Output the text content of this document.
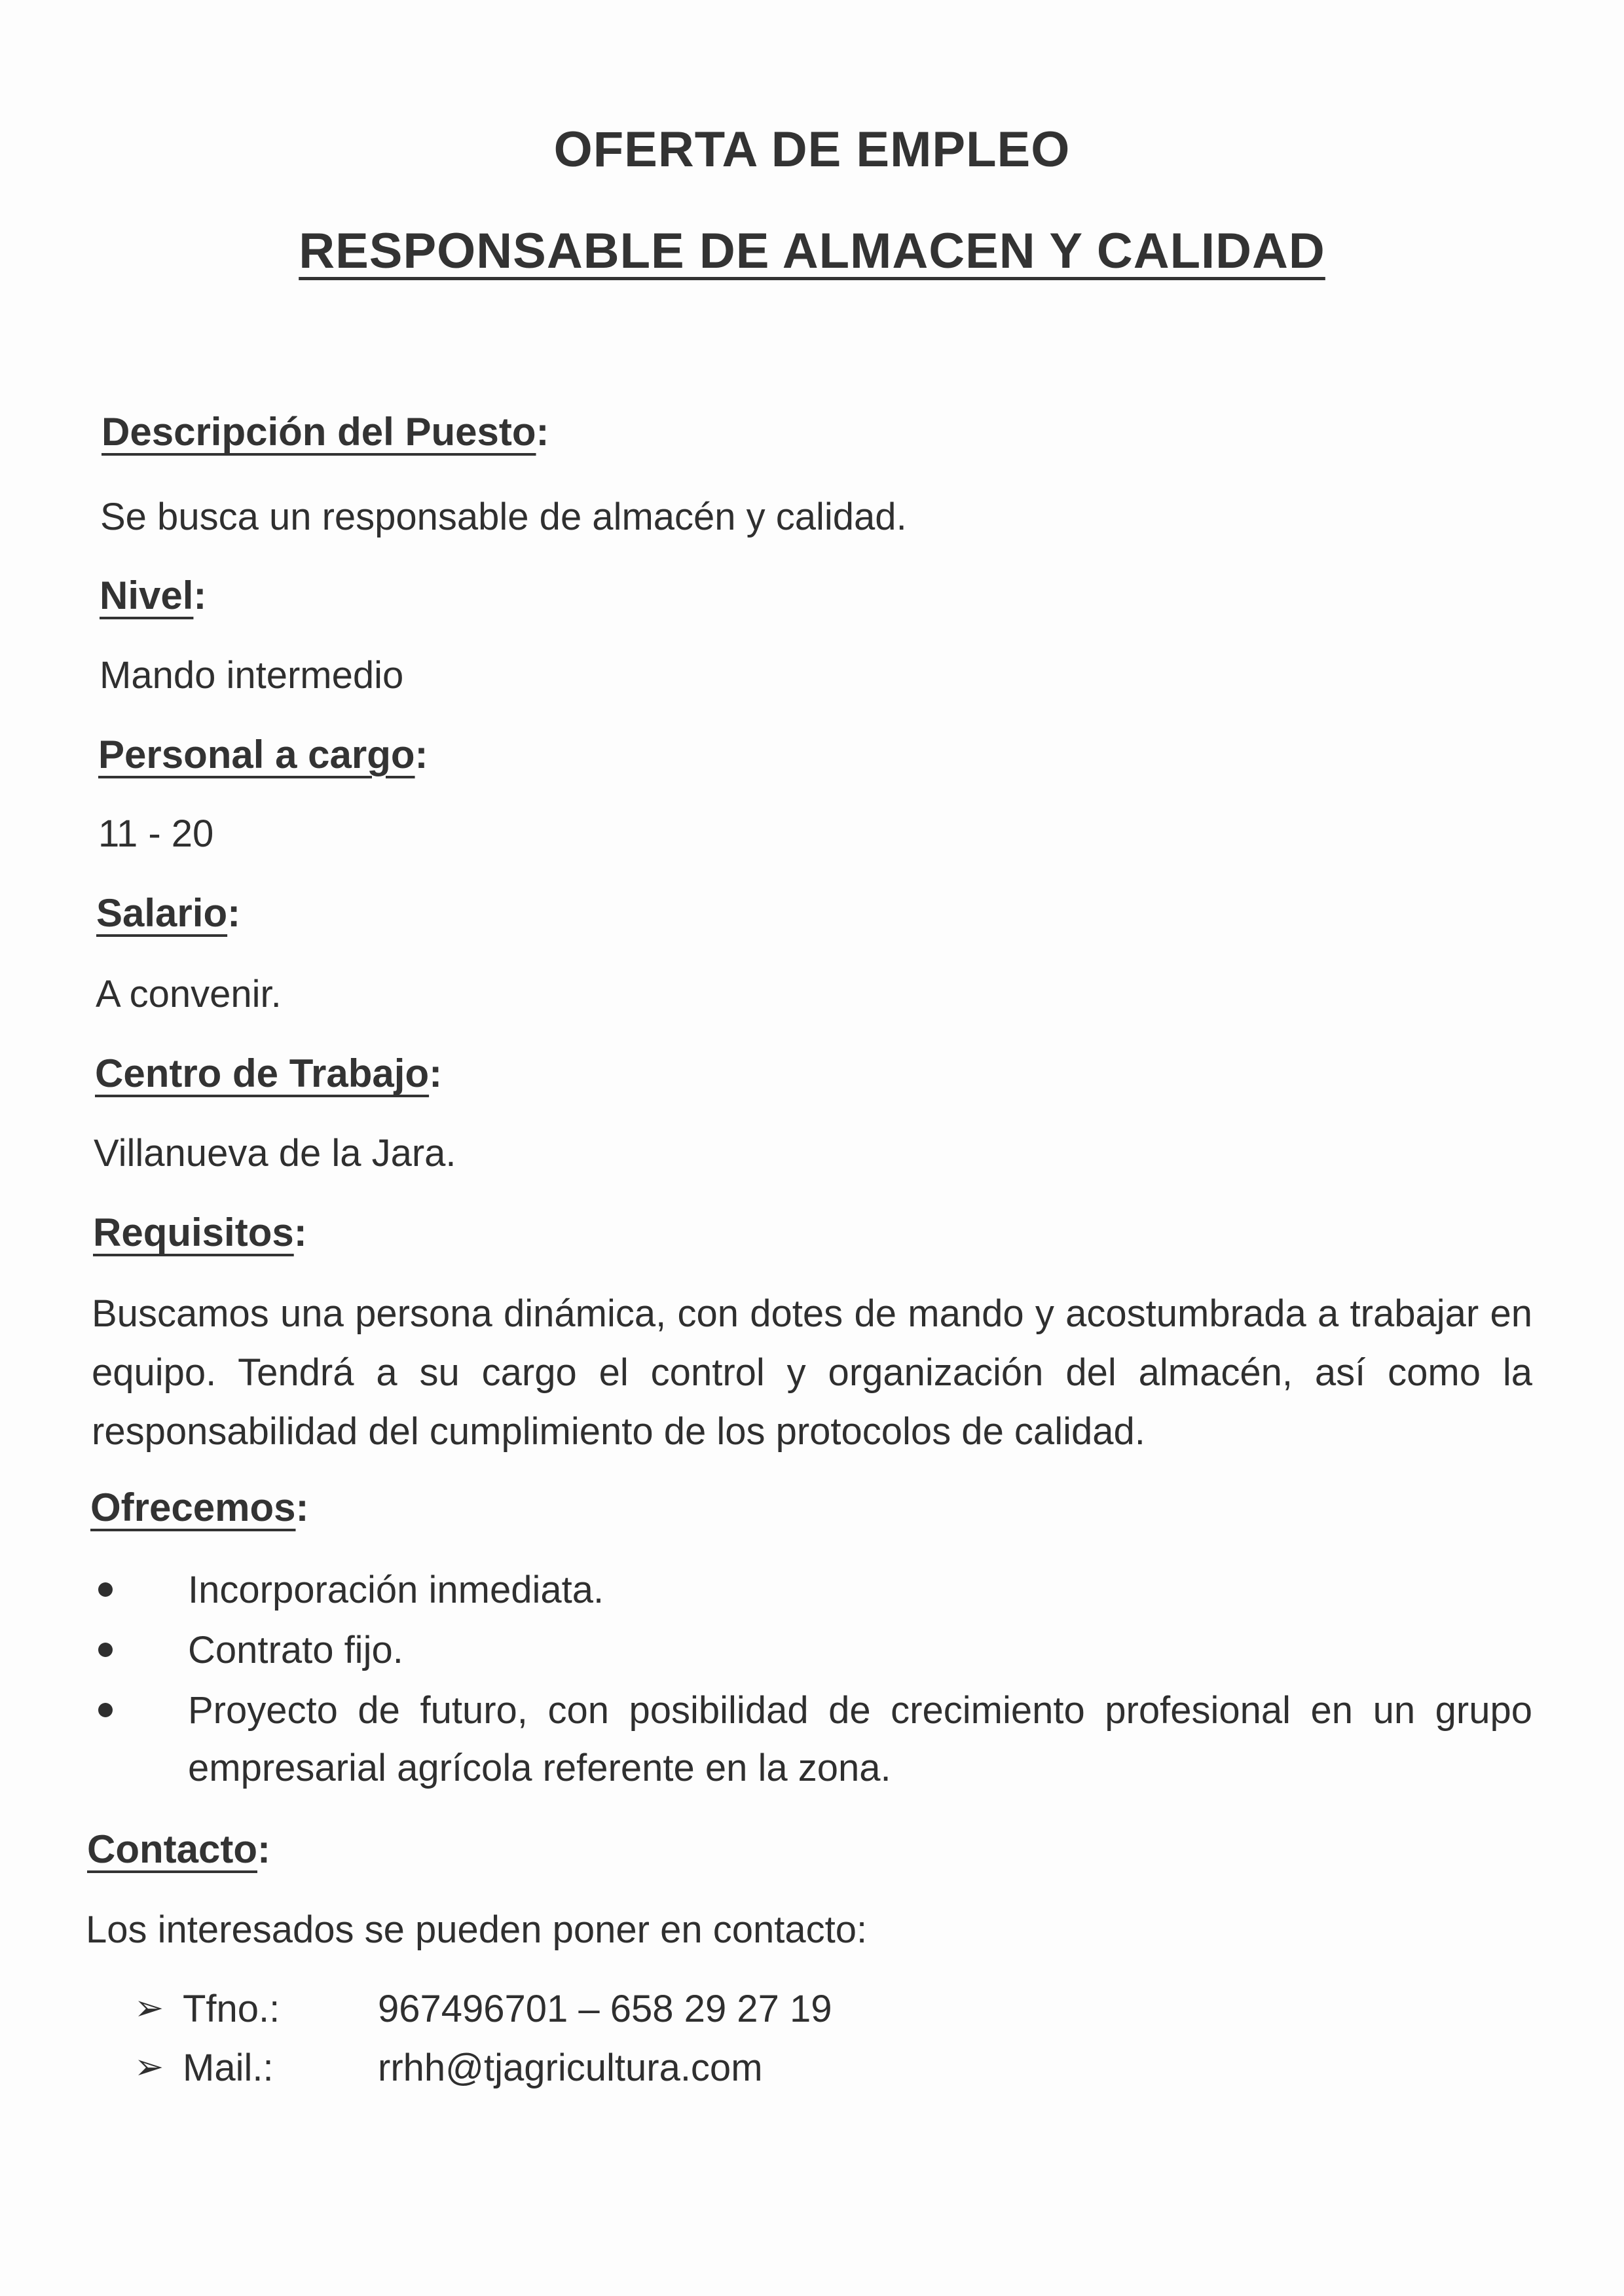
OFERTA DE EMPLEO
RESPONSABLE DE ALMACEN Y CALIDAD
Descripción del Puesto:
Se busca un responsable de almacén y calidad.
Nivel:
Mando intermedio
Personal a cargo:
11 - 20
Salario:
A convenir.
Centro de Trabajo:
Villanueva de la Jara.
Requisitos:
Buscamos una persona dinámica, con dotes de mando y acostumbrada a trabajar en equipo. Tendrá a su cargo el control y organización del almacén, así como la responsabilidad del cumplimiento de los protocolos de calidad.
Ofrecemos:
Incorporación inmediata.
Contrato fijo.
Proyecto de futuro, con posibilidad de crecimiento profesional en un grupo empresarial agrícola referente en la zona.
Contacto:
Los interesados se pueden poner en contacto:
➢ Tfno.:	967496701 – 658 29 27 19
➢ Mail.:	rrhh@tjagricultura.com
